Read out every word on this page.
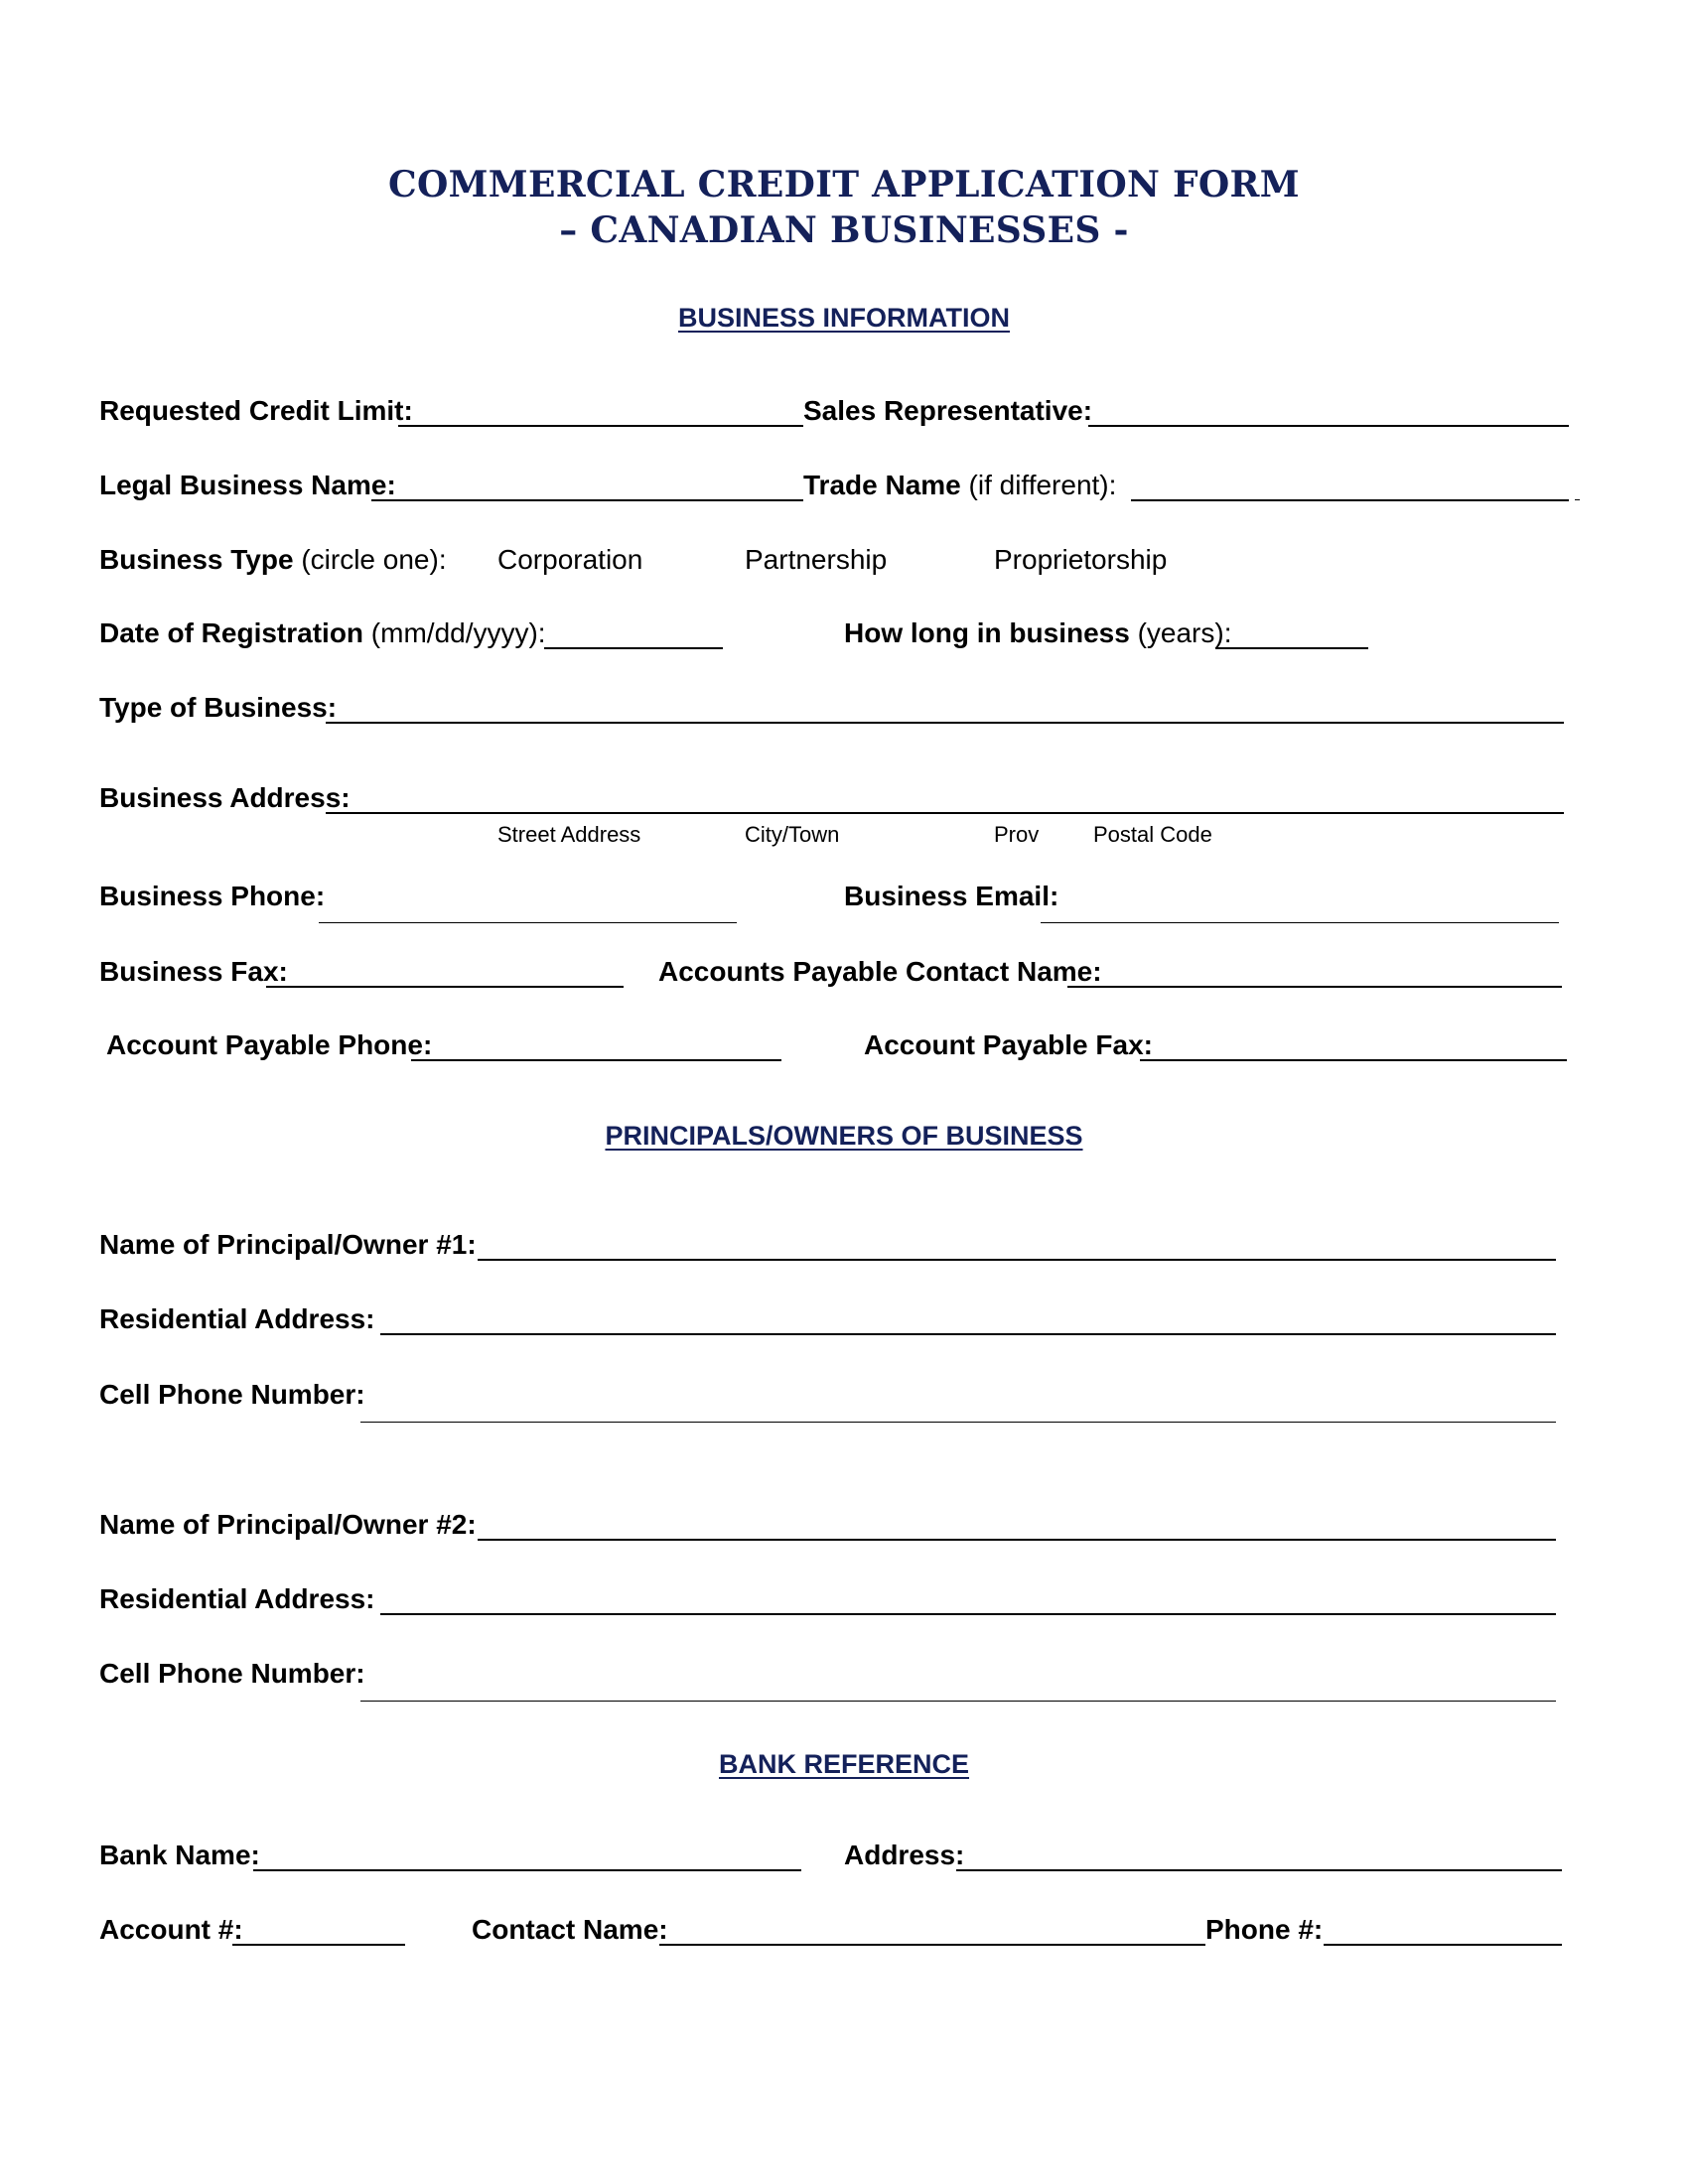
COMMERCIAL CREDIT APPLICATION FORM
– CANADIAN BUSINESSES -
BUSINESS INFORMATION
Requested Credit Limit:	Sales Representative:
Legal Business Name:	Trade Name (if different):
Business Type (circle one): Corporation	Partnership	Proprietorship
Date of Registration (mm/dd/yyyy):	How long in business (years):
Type of Business:
Business Address:
Street Address	City/Town	Prov Postal Code
Business Phone:	Business Email:
Business Fax:	Accounts Payable Contact Name:
Account Payable Phone:	Account Payable Fax:
PRINCIPALS/OWNERS OF BUSINESS
Name of Principal/Owner #1:
Residential Address:
Cell Phone Number:
Name of Principal/Owner #2:
Residential Address:
Cell Phone Number:
BANK REFERENCE
Bank Name:	Address:
Account #:	Contact Name:	Phone #:
